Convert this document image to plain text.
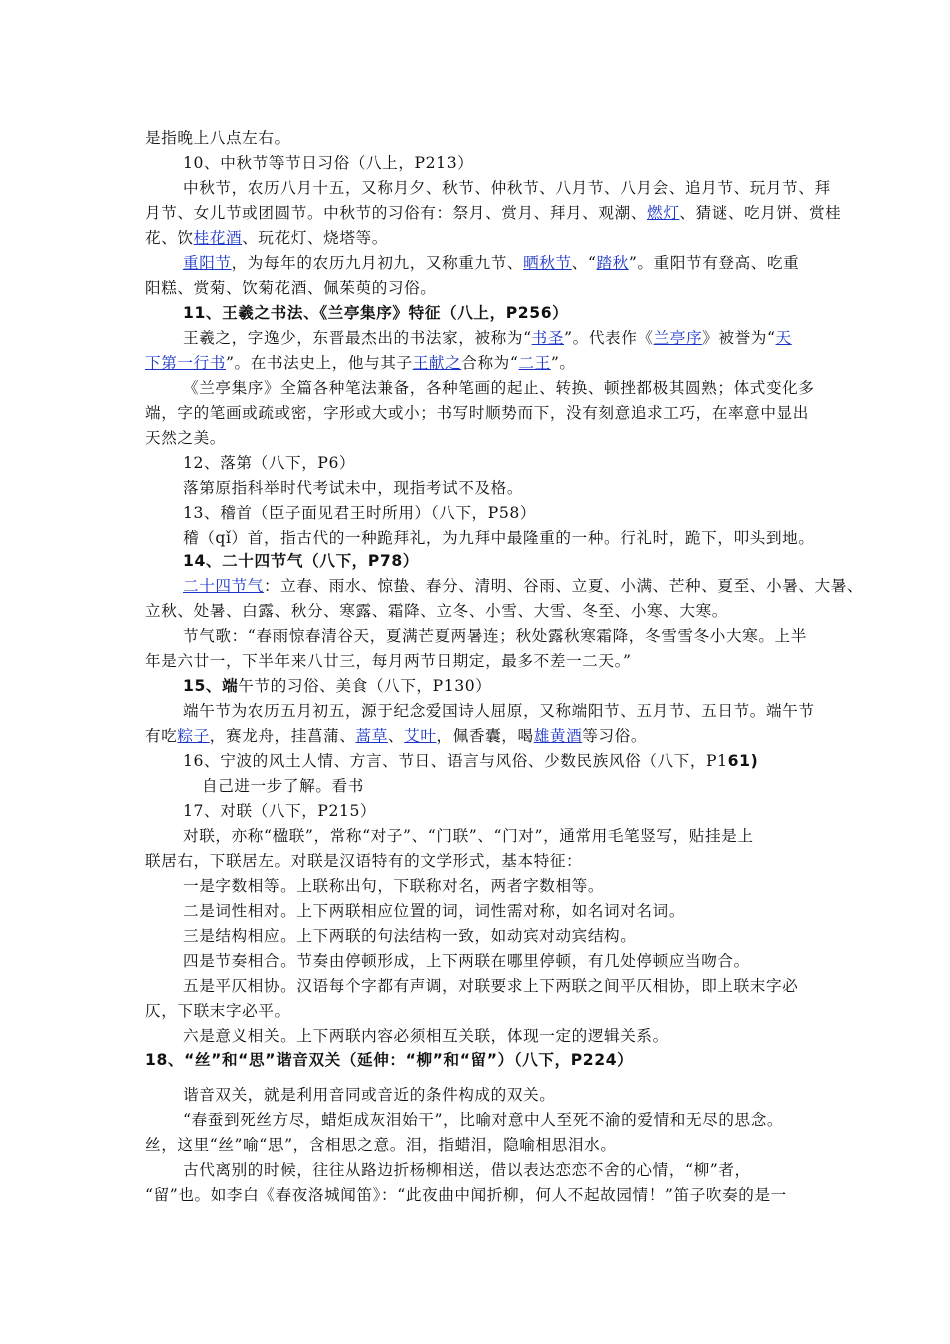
是指晚上八点左右。
10、中秋节等节日习俗（八上，P213）
中秋节，农历八月十五，又称月夕、秋节、仲秋节、八月节、八月会、追月节、玩月节、拜
月节、女儿节或团圆节。中秋节的习俗有：祭月、赏月、拜月、观潮、燃灯、猜谜、吃月饼、赏桂
花、饮桂花酒、玩花灯、烧塔等。
重阳节，为每年的农历九月初九，又称重九节、晒秋节、“踏秋”。重阳节有登高、吃重
阳糕、赏菊、饮菊花酒、佩茱萸的习俗。
11、王羲之书法、《兰亭集序》特征（八上，P256）
王羲之，字逸少，东晋最杰出的书法家，被称为“书圣”。代表作《兰亭序》被誉为“天
下第一行书”。在书法史上，他与其子王献之合称为“二王”。
《兰亭集序》全篇各种笔法兼备，各种笔画的起止、转换、顿挫都极其圆熟；体式变化多
端，字的笔画或疏或密，字形或大或小；书写时顺势而下，没有刻意追求工巧，在率意中显出
天然之美。
12、落第（八下，P6）
落第原指科举时代考试未中，现指考试不及格。
13、稽首（臣子面见君王时所用）（八下，P58）
稽（qǐ）首，指古代的一种跪拜礼，为九拜中最隆重的一种。行礼时，跪下，叩头到地。
14、二十四节气（八下，P78）
二十四节气：立春、雨水、惊蛰、春分、清明、谷雨、立夏、小满、芒种、夏至、小暑、大暑、
立秋、处暑、白露、秋分、寒露、霜降、立冬、小雪、大雪、冬至、小寒、大寒。
节气歌：“春雨惊春清谷天，夏满芒夏两暑连；秋处露秋寒霜降，冬雪雪冬小大寒。上半
年是六廿一，下半年来八廿三，每月两节日期定，最多不差一二天。”
15、端午节的习俗、美食（八下，P130）
端午节为农历五月初五，源于纪念爱国诗人屈原，又称端阳节、五月节、五日节。端午节
有吃粽子，赛龙舟，挂菖蒲、蒿草、艾叶，佩香囊，喝雄黄酒等习俗。
16、宁波的风土人情、方言、节日、语言与风俗、少数民族风俗（八下，P161)
自己进一步了解。看书
17、对联（八下，P215）
对联，亦称“楹联”，常称“对子”、“门联”、“门对”，通常用毛笔竖写，贴挂是上
联居右，下联居左。对联是汉语特有的文学形式，基本特征：
一是字数相等。上联称出句，下联称对名，两者字数相等。
二是词性相对。上下两联相应位置的词，词性需对称，如名词对名词。
三是结构相应。上下两联的句法结构一致，如动宾对动宾结构。
四是节奏相合。节奏由停顿形成，上下两联在哪里停顿，有几处停顿应当吻合。
五是平仄相协。汉语每个字都有声调，对联要求上下两联之间平仄相协，即上联末字必
仄，下联末字必平。
六是意义相关。上下两联内容必须相互关联，体现一定的逻辑关系。
18、“丝”和“思”谐音双关（延伸：“柳”和“留”）（八下，P224）
谐音双关，就是利用音同或音近的条件构成的双关。
“春蚕到死丝方尽，蜡炬成灰泪始干”，比喻对意中人至死不渝的爱情和无尽的思念。
丝，这里“丝”喻“思”，含相思之意。泪，指蜡泪，隐喻相思泪水。
古代离别的时候，往往从路边折杨柳相送，借以表达恋恋不舍的心情，“柳”者，
“留”也。如李白《春夜洛城闻笛》：“此夜曲中闻折柳，何人不起故园情！”笛子吹奏的是一
